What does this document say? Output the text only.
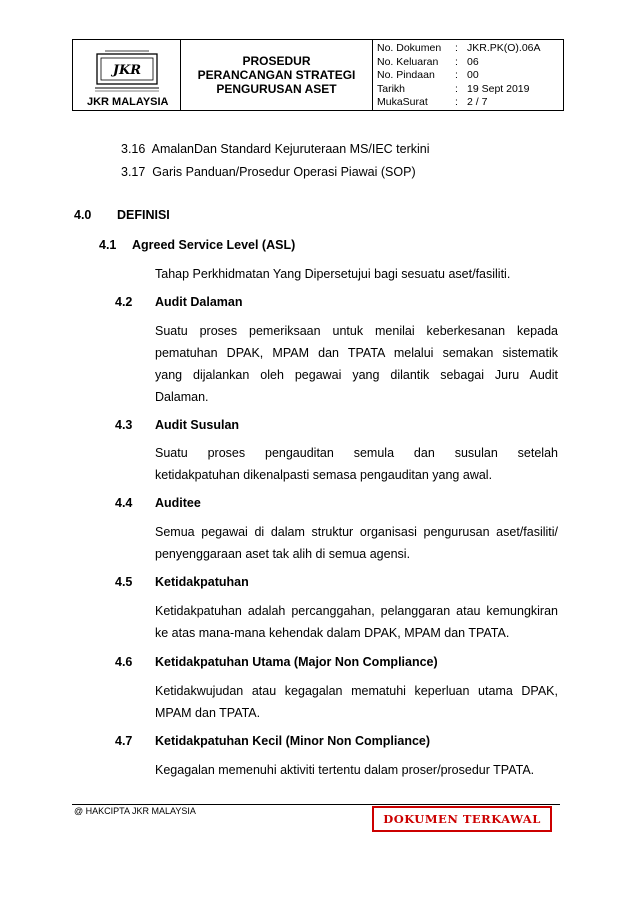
JKR
JKR MALAYSIA
PROSEDUR
PERANCANGAN STRATEGI
PENGURUSAN ASET
No. Dokumen	: JKR.PK(O).06A
No. Keluaran	: 06
No. Pindaan	: 00
Tarikh	: 19 Sept 2019
MukaSurat	: 2 / 7
3.16 AmalanDan Standard Kejuruteraan MS/IEC terkini
3.17 Garis Panduan/Prosedur Operasi Piawai (SOP)
4.0 DEFINISI
4.1 Agreed Service Level (ASL)
Tahap Perkhidmatan Yang Dipersetujui bagi sesuatu aset/fasiliti.
4.2 Audit Dalaman
Suatu proses pemeriksaan untuk menilai keberkesanan kepada
pematuhan DPAK, MPAM dan TPATA melalui semakan sistematik
yang dijalankan oleh pegawai yang dilantik sebagai Juru Audit
Dalaman.
4.3 Audit Susulan
Suatu proses pengauditan semula dan susulan setelah
ketidakpatuhan dikenalpasti semasa pengauditan yang awal.
4.4 Auditee
Semua pegawai di dalam struktur organisasi pengurusan aset/fasiliti/
penyenggaraan aset tak alih di semua agensi.
4.5 Ketidakpatuhan
Ketidakpatuhan adalah percanggahan, pelanggaran atau kemungkiran
ke atas mana-mana kehendak dalam DPAK, MPAM dan TPATA.
4.6 Ketidakpatuhan Utama (Major Non Compliance)
Ketidakwujudan atau kegagalan mematuhi keperluan utama DPAK,
MPAM dan TPATA.
4.7 Ketidakpatuhan Kecil (Minor Non Compliance)
Kegagalan memenuhi aktiviti tertentu dalam proser/prosedur TPATA.
@ HAKCIPTA JKR MALAYSIA
DOKUMEN TERKAWAL
